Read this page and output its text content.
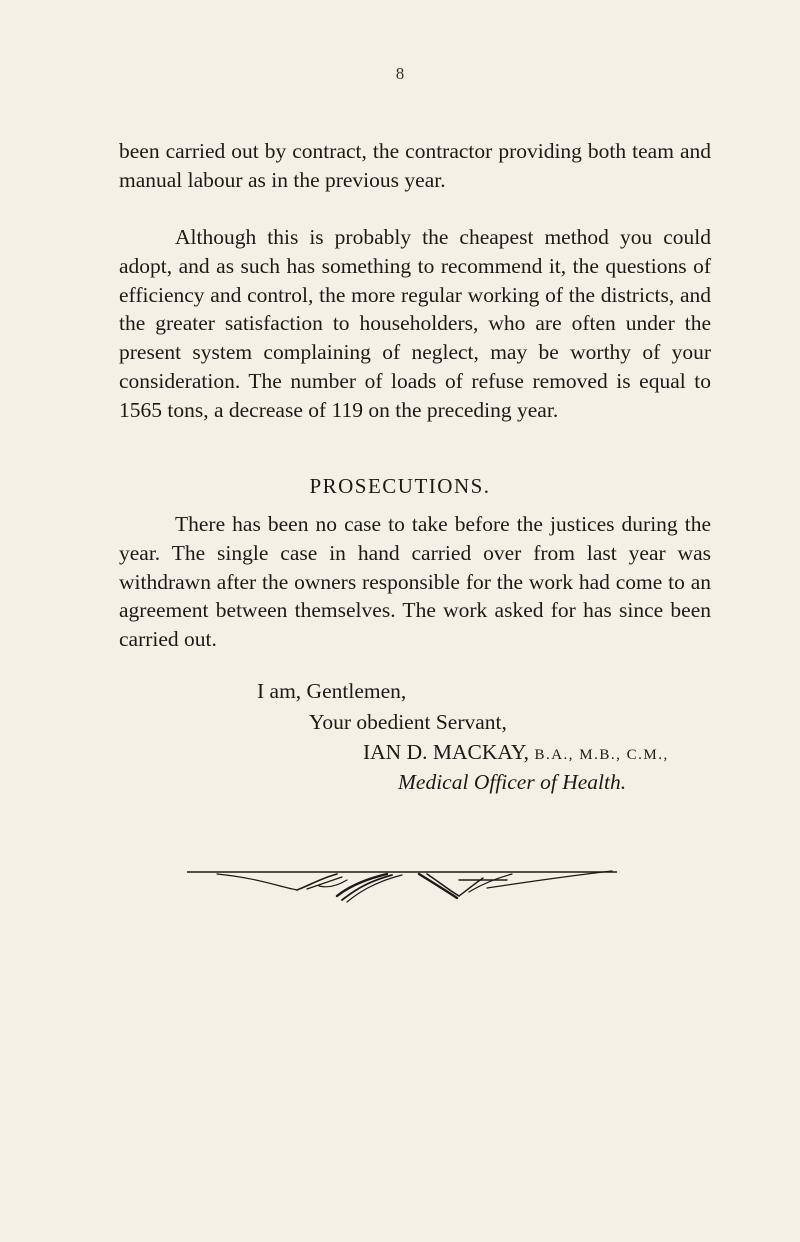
8

been carried out by contract, the contractor providing both team and manual labour as in the previous year.

Although this is probably the cheapest method you could adopt, and as such has something to recommend it, the questions of efficiency and control, the more regular working of the districts, and the greater satisfaction to householders, who are often under the present system complaining of neglect, may be worthy of your consideration. The number of loads of refuse removed is equal to 1565 tons, a decrease of 119 on the preceding year.

PROSECUTIONS.

There has been no case to take before the justices during the year. The single case in hand carried over from last year was withdrawn after the owners responsible for the work had come to an agreement between themselves. The work asked for has since been carried out.

I am, Gentlemen,
Your obedient Servant,
IAN D. MACKAY, B.A., M.B., C.M.,
Medical Officer of Health.
